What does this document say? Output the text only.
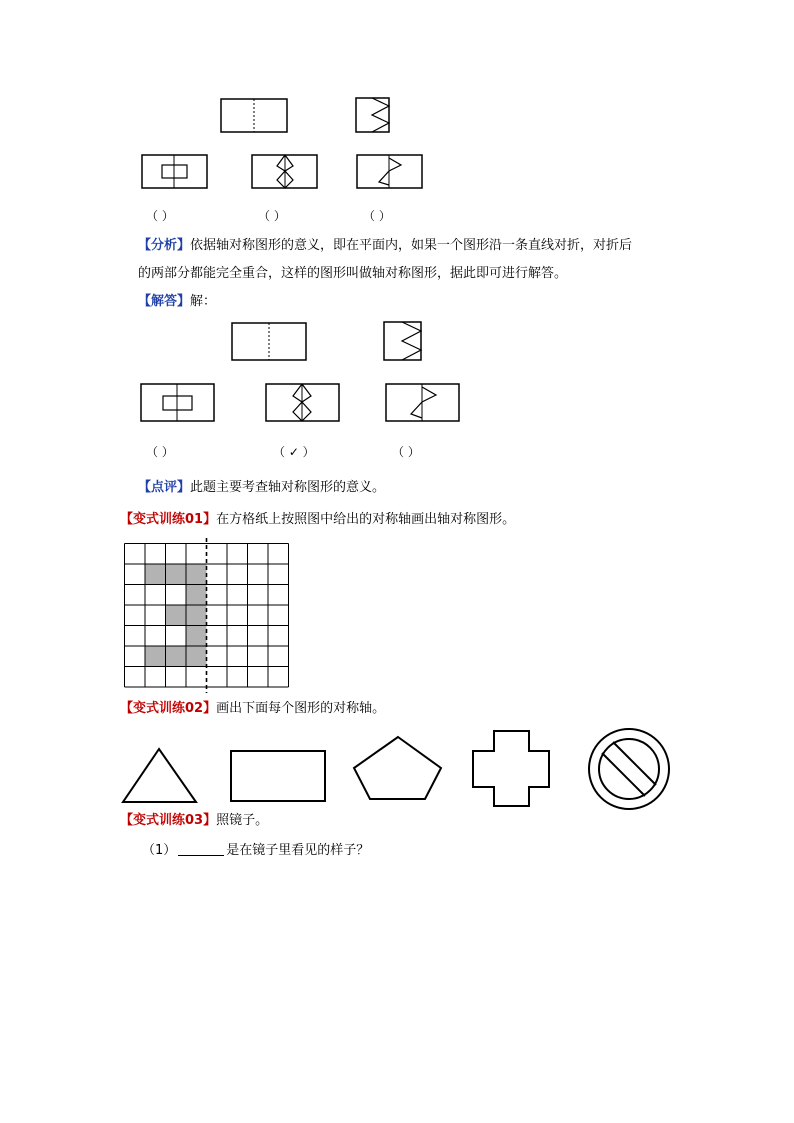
（ ）	（ ）	（ ）
【分析】依据轴对称图形的意义，即在平面内，如果一个图形沿一条直线对折，对折后
的两部分都能完全重合，这样的图形叫做轴对称图形，据此即可进行解答。
【解答】解：
（ ）	（ ✓ ）	（ ）
【点评】此题主要考查轴对称图形的意义。
【变式训练01】在方格纸上按照图中给出的对称轴画出轴对称图形。
【变式训练02】画出下面每个图形的对称轴。
【变式训练03】照镜子。
（1）	是在镜子里看见的样子？
